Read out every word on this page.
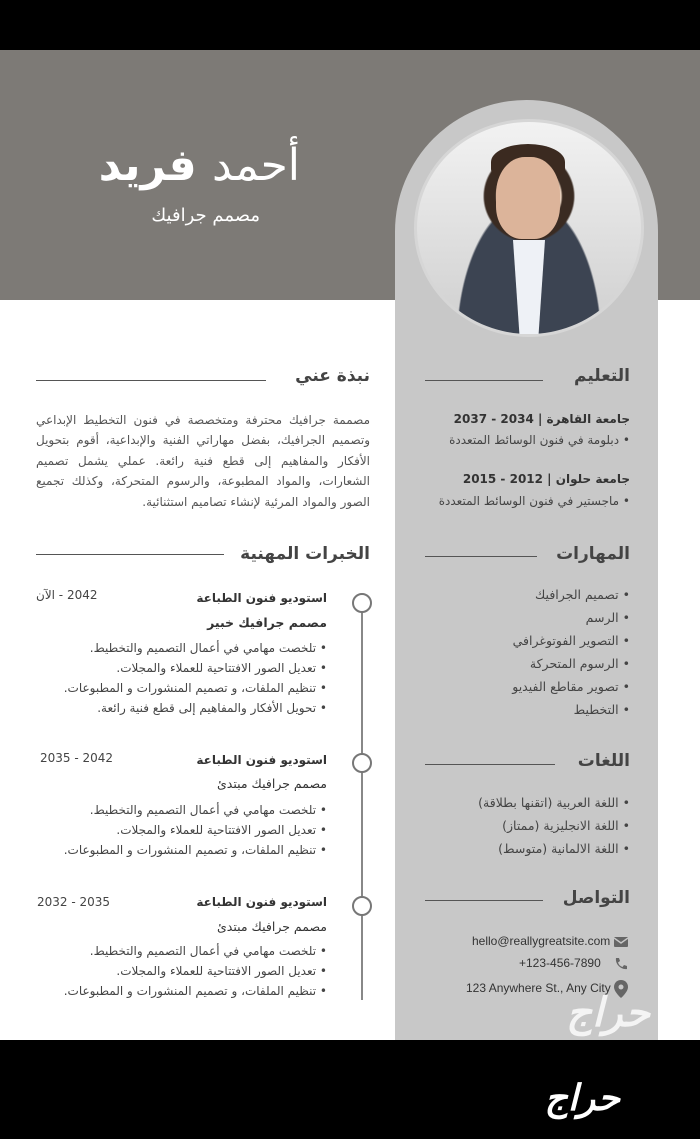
أحمد فريد
مصمم جرافيك
نبذة عني
مصممة جرافيك محترفة ومتخصصة في فنون التخطيط الإبداعي وتصميم الجرافيك، بفضل مهاراتي الفنية والإبداعية، أقوم بتحويل الأفكار والمفاهيم إلى قطع فنية رائعة. عملي يشمل تصميم الشعارات، والمواد المطبوعة، والرسوم المتحركة، وكذلك تجميع الصور والمواد المرئية لإنشاء تصاميم استثنائية.
التعليم
جامعة القاهرة | 2034 - 2037
• دبلومة في فنون الوسائط المتعددة
جامعة حلوان | 2012 - 2015
• ماجستير في فنون الوسائط المتعددة
المهارات
• تصميم الجرافيك
• الرسم
• التصوير الفوتوغرافي
• الرسوم المتحركة
• تصوير مقاطع الفيديو
• التخطيط
اللغات
• اللغة العربية (اتقنها بطلاقة)
• اللغة الانجليزية (ممتاز)
• اللغة الالمانية (متوسط)
التواصل
hello@reallygreatsite.com
+123-456-7890
123 Anywhere St., Any City
الخبرات المهنية
استوديو فنون الطباعة
2042 - الآن
مصمم جرافيك خبير
• تلخصت مهامي في أعمال التصميم والتخطيط.
• تعديل الصور الافتتاحية للعملاء والمجلات.
• تنظيم الملفات، و تصميم المنشورات و المطبوعات.
• تحويل الأفكار والمفاهيم إلى قطع فنية رائعة.
استوديو فنون الطباعة
2035 - 2042
مصمم جرافيك مبتدئ
• تلخصت مهامي في أعمال التصميم والتخطيط.
• تعديل الصور الافتتاحية للعملاء والمجلات.
• تنظيم الملفات، و تصميم المنشورات و المطبوعات.
استوديو فنون الطباعة
2032 - 2035
مصمم جرافيك مبتدئ
• تلخصت مهامي في أعمال التصميم والتخطيط.
• تعديل الصور الافتتاحية للعملاء والمجلات.
• تنظيم الملفات، و تصميم المنشورات و المطبوعات.	حراج
حراج
